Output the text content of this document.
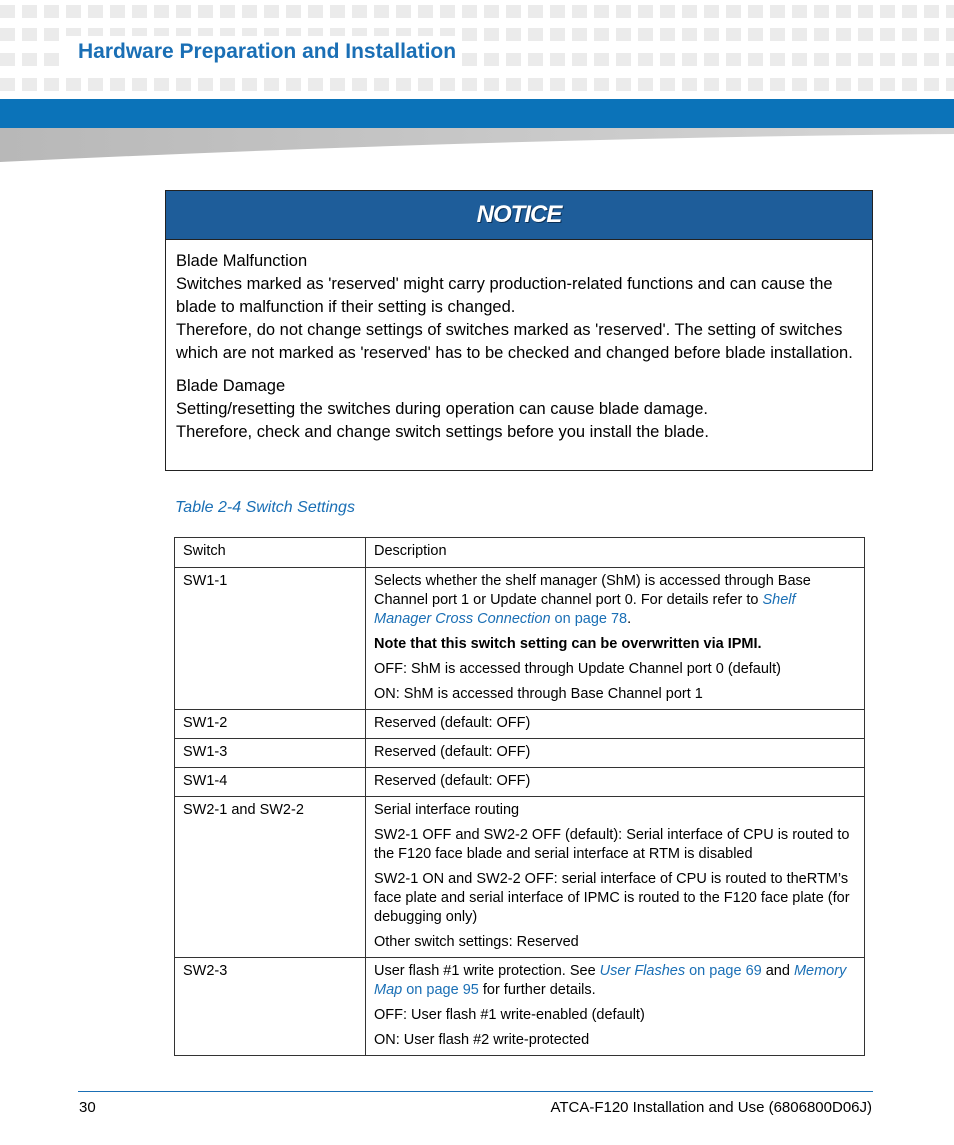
Hardware Preparation and Installation
NOTICE

Blade Malfunction

Switches marked as 'reserved' might carry production-related functions and can cause the blade to malfunction if their setting is changed.

Therefore, do not change settings of switches marked as 'reserved'. The setting of switches which are not marked as 'reserved' has to be checked and changed before blade installation.

Blade Damage

Setting/resetting the switches during operation can cause blade damage.

Therefore, check and change switch settings before you install the blade.

Table 2-4 Switch Settings
Switch	Description
SW1-1	Selects whether the shelf manager (ShM) is accessed through Base Channel port 1 or Update channel port 0. For details refer to Shelf Manager Cross Connection on page 78.

Note that this switch setting can be overwritten via IPMI.

OFF: ShM is accessed through Update Channel port 0 (default)

ON: ShM is accessed through Base Channel port 1

SW1-2	Reserved (default: OFF)
SW1-3	Reserved (default: OFF)
SW1-4	Reserved (default: OFF)
SW2-1 and SW2-2	Serial interface routing

SW2-1 OFF and SW2-2 OFF (default): Serial interface of CPU is routed to the F120 face blade and serial interface at RTM is disabled

SW2-1 ON and SW2-2 OFF: serial interface of CPU is routed to theRTM’s face plate and serial interface of IPMC is routed to the F120 face plate (for debugging only)

Other switch settings: Reserved

SW2-3	User flash #1 write protection. See User Flashes on page 69 and Memory Map on page 95 for further details.

OFF: User flash #1 write-enabled (default)

ON: User flash #2 write-protected

30	ATCA-F120 Installation and Use (6806800D06J)
